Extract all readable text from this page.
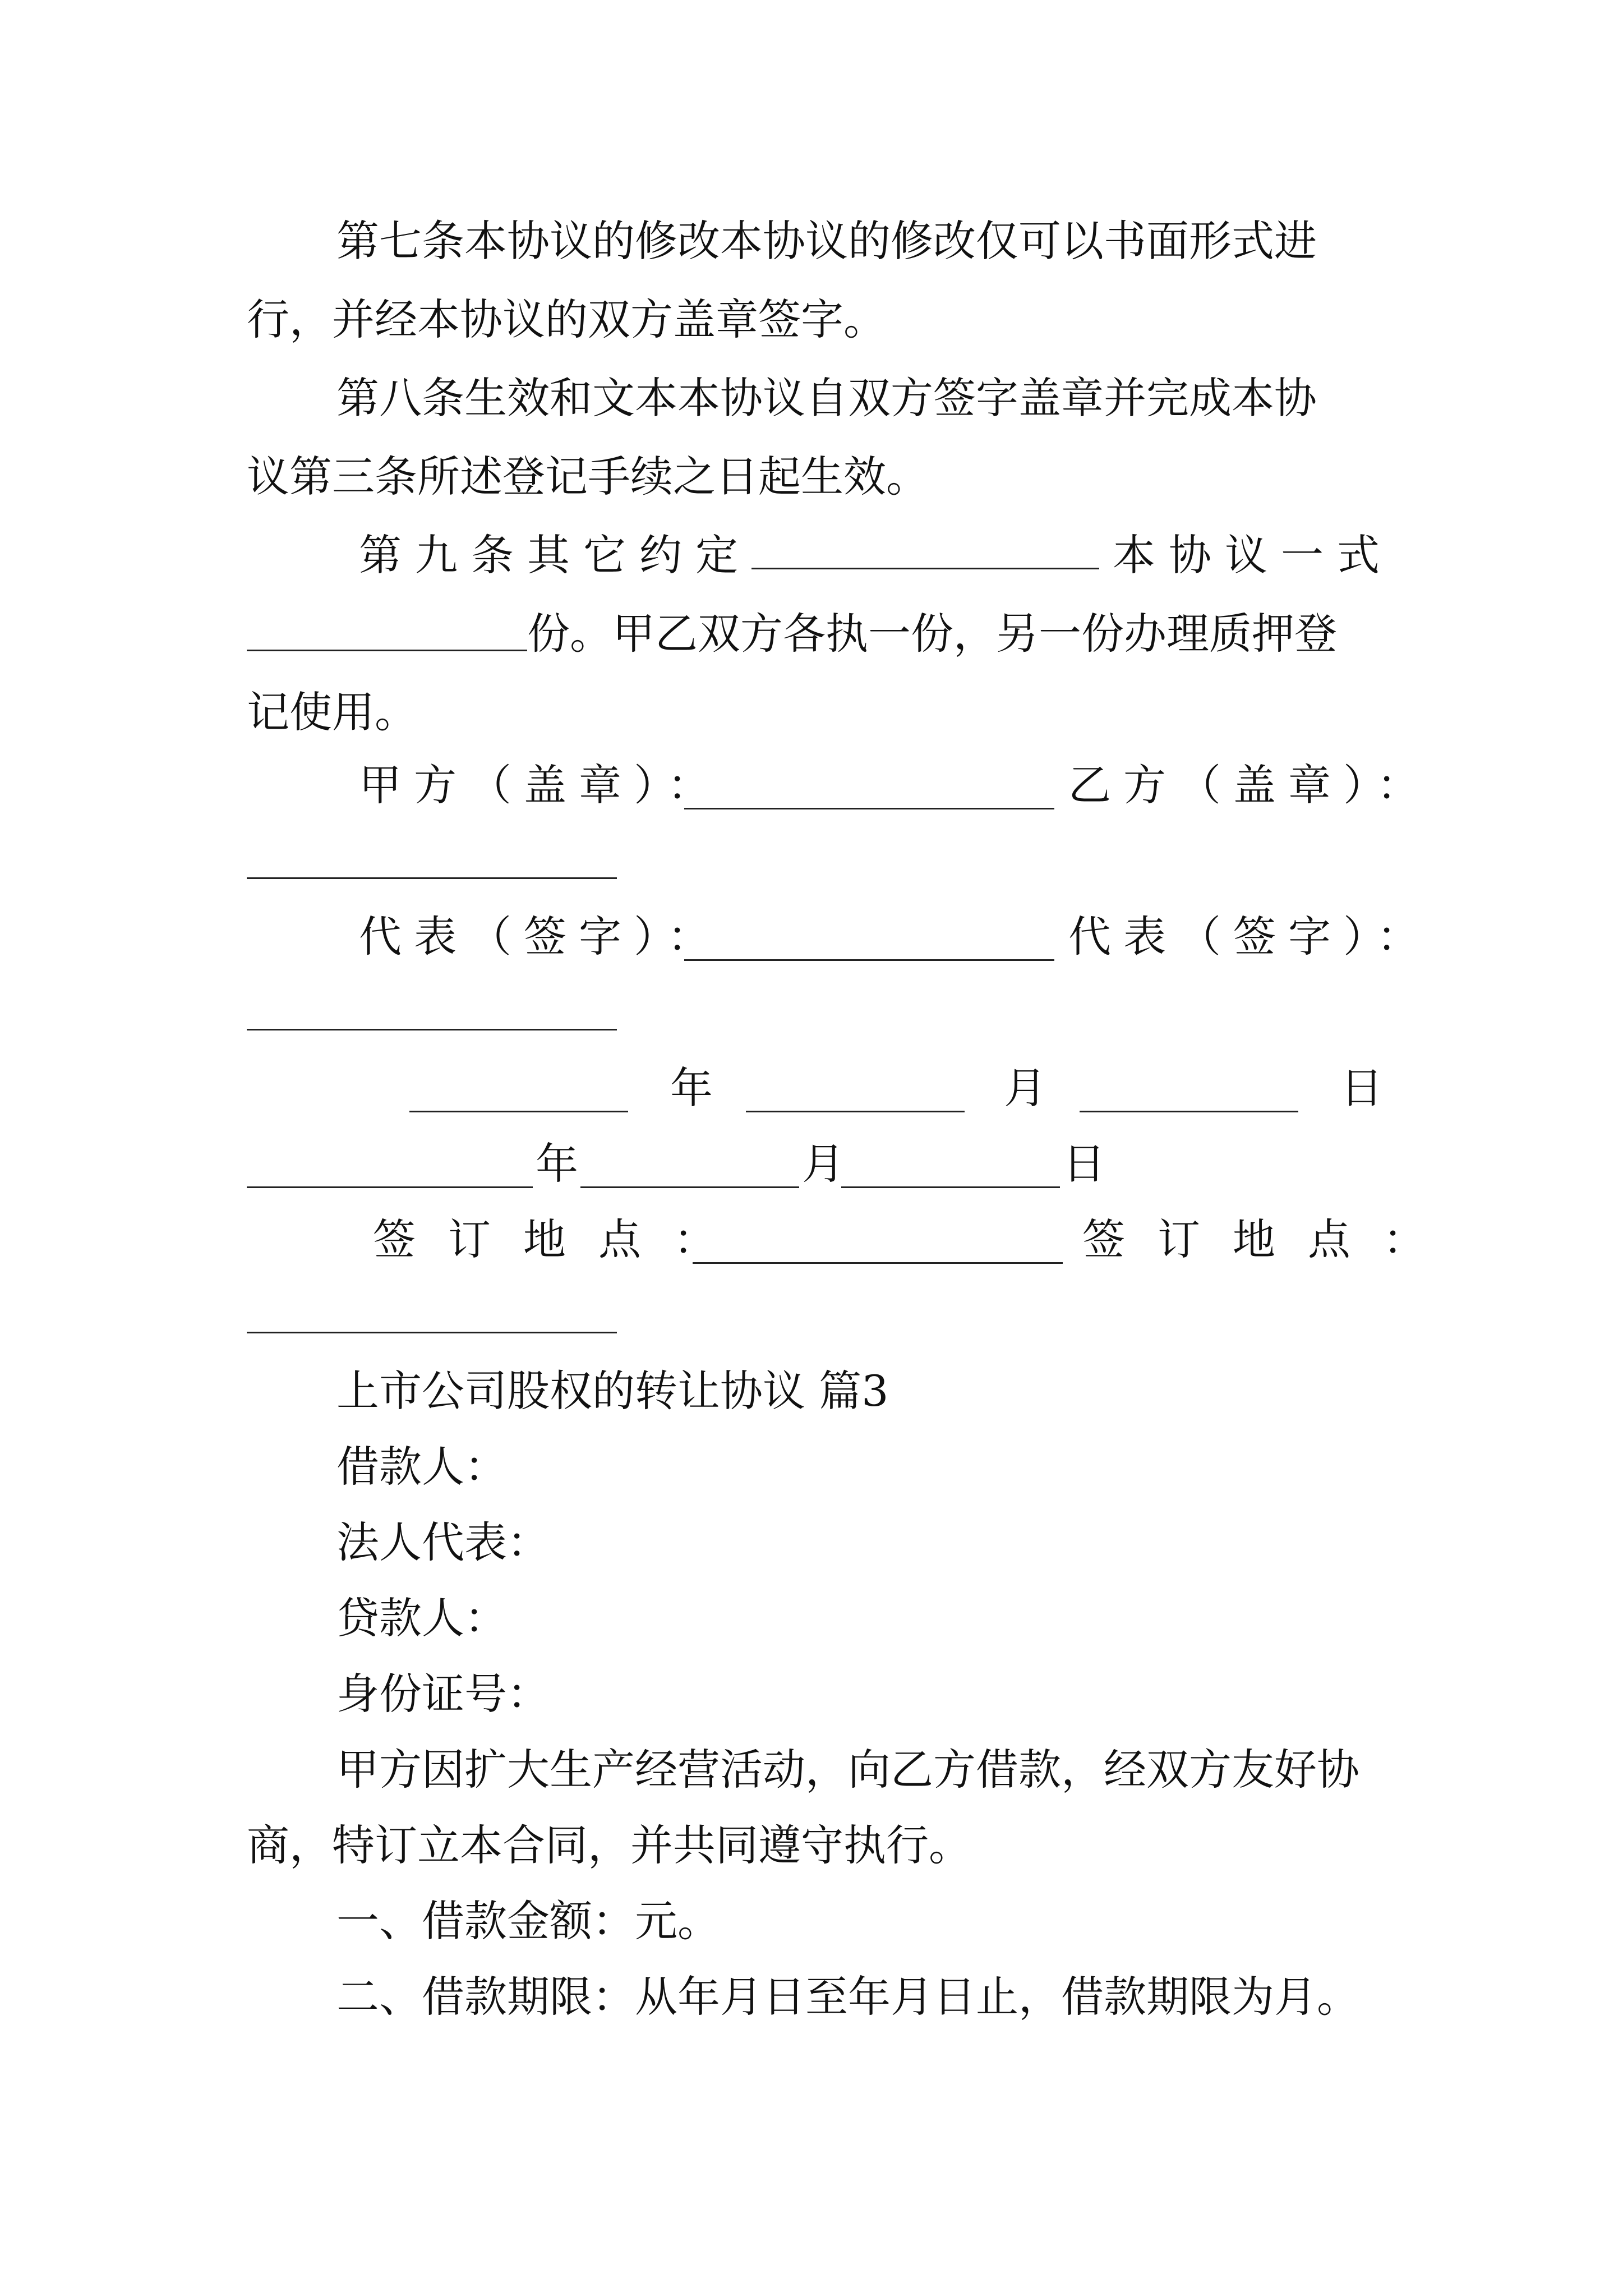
第七条本协议的修改本协议的修改仅可以书面形式进
行，并经本协议的双方盖章签字。
第八条生效和文本本协议自双方签字盖章并完成本协
议第三条所述登记手续之日起生效。
第 九 条 其 它 约 定	本 协 议 一 式
份。甲乙双方各执一份，另一份办理质押登
记使用。
甲方（盖章）：	乙方（盖章）：
代表（签字）：	代表（签字）：
年	月	日
年	月	日
签订地点：	签订地点：
上市公司股权的转让协议 篇3
借款人：
法人代表：
贷款人：
身份证号：
甲方因扩大生产经营活动，向乙方借款，经双方友好协
商，特订立本合同，并共同遵守执行。
一、借款金额：元。
二、借款期限：从年月日至年月日止，借款期限为月。
